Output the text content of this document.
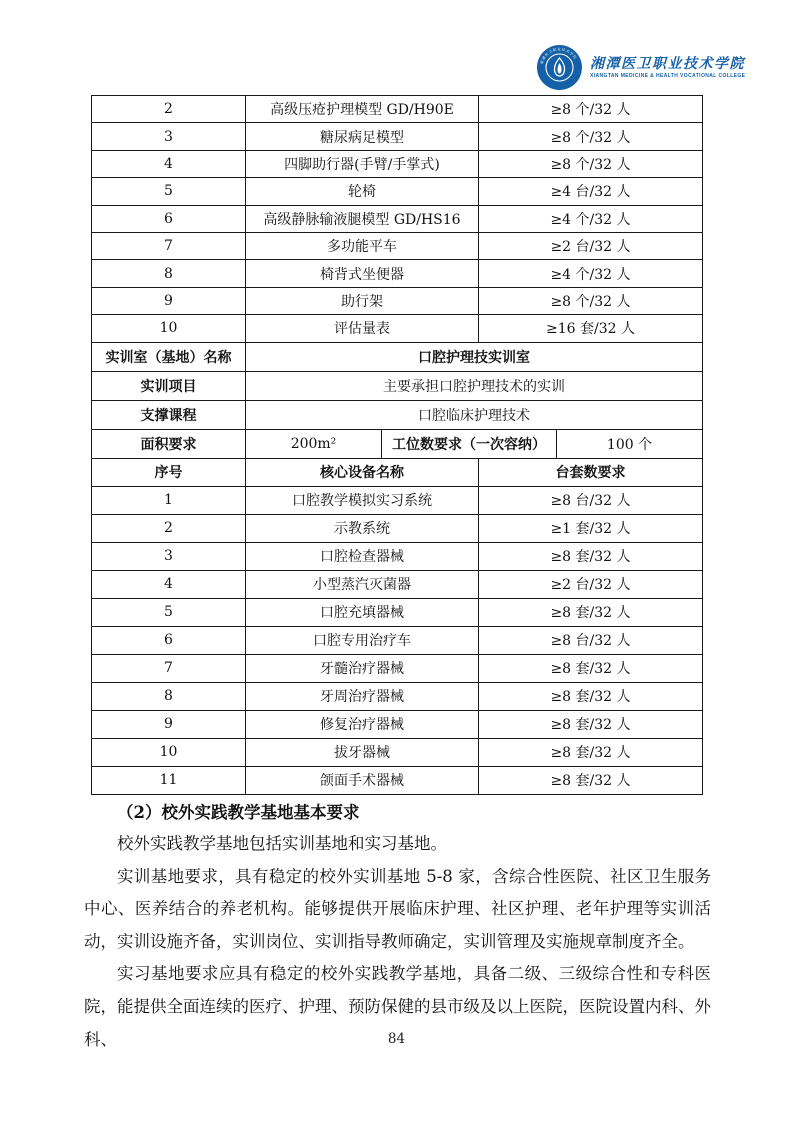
湘潭医卫职业技术学院 湘潭医卫职业技术学院
XIANGTAN MEDICINE & HEALTH VOCATIONAL COLLEGE
2	高级压疮护理模型 GD/H90E	≥8 个/32 人
3	糖尿病足模型	≥8 个/32 人
4	四脚助行器(手臂/手掌式)	≥8 个/32 人
5	轮椅	≥4 台/32 人
6	高级静脉输液腿模型 GD/HS16	≥4 个/32 人
7	多功能平车	≥2 台/32 人
8	椅背式坐便器	≥4 个/32 人
9	助行架	≥8 个/32 人
10	评估量表	≥16 套/32 人
实训室（基地）名称	口腔护理技实训室
实训项目	主要承担口腔护理技术的实训
支撑课程	口腔临床护理技术
面积要求	200m²	工位数要求（一次容纳）	100 个
序号	核心设备名称	台套数要求
1	口腔教学模拟实习系统	≥8 台/32 人
2	示教系统	≥1 套/32 人
3	口腔检查器械	≥8 套/32 人
4	小型蒸汽灭菌器	≥2 台/32 人
5	口腔充填器械	≥8 套/32 人
6	口腔专用治疗车	≥8 台/32 人
7	牙髓治疗器械	≥8 套/32 人
8	牙周治疗器械	≥8 套/32 人
9	修复治疗器械	≥8 套/32 人
10	拔牙器械	≥8 套/32 人
11	颌面手术器械	≥8 套/32 人
（2）校外实践教学基地基本要求

校外实践教学基地包括实训基地和实习基地。

实训基地要求，具有稳定的校外实训基地 5-8 家，含综合性医院、社区卫生服务中心、医养结合的养老机构。能够提供开展临床护理、社区护理、老年护理等实训活动，实训设施齐备，实训岗位、实训指导教师确定，实训管理及实施规章制度齐全。

实习基地要求应具有稳定的校外实践教学基地，具备二级、三级综合性和专科医院，能提供全面连续的医疗、护理、预防保健的县市级及以上医院，医院设置内科、外科、	84
